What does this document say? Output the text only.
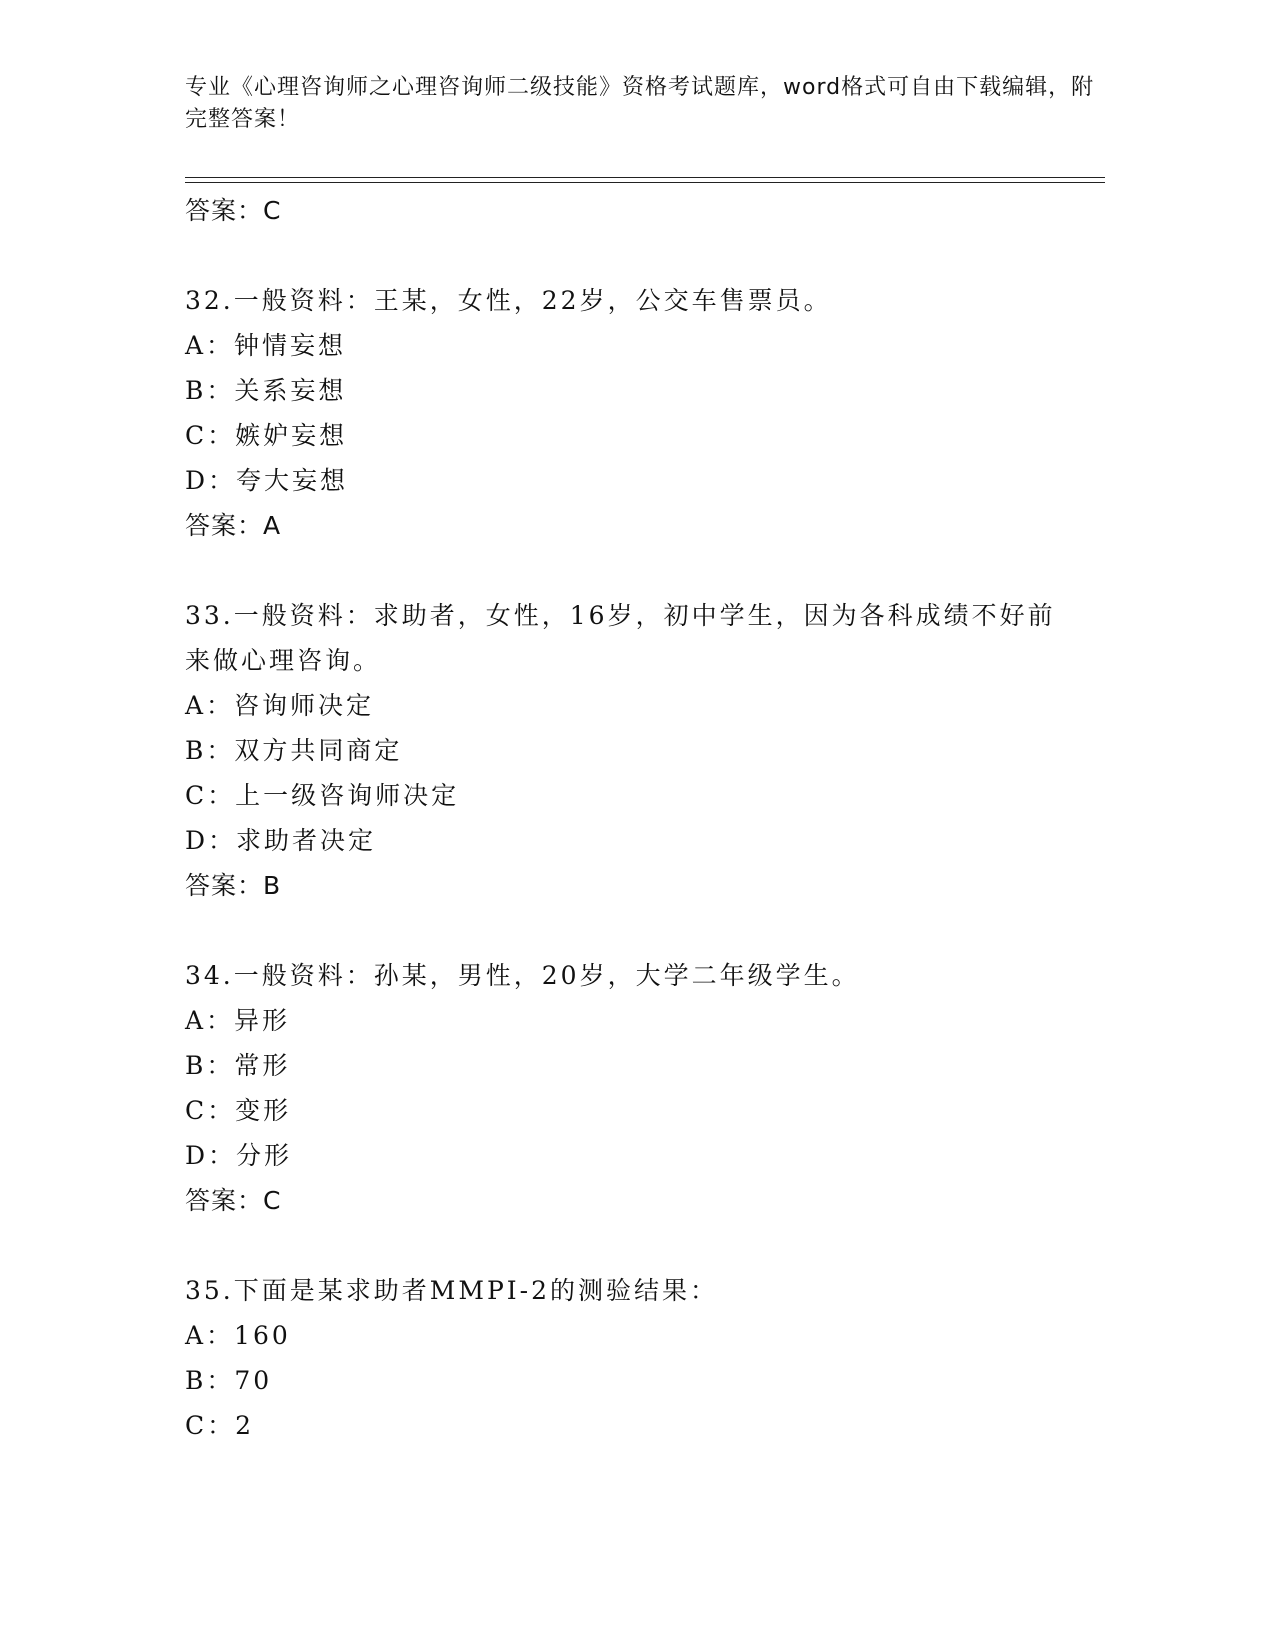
专业《心理咨询师之心理咨询师二级技能》资格考试题库，word格式可自由下载编辑，附完整答案！

答案：C

32.一般资料：王某，女性，22岁，公交车售票员。

A：钟情妄想

B：关系妄想

C：嫉妒妄想

D：夸大妄想

答案：A

33.一般资料：求助者，女性，16岁，初中学生，因为各科成绩不好前来做心理咨询。

A：咨询师决定

B：双方共同商定

C：上一级咨询师决定

D：求助者决定

答案：B

34.一般资料：孙某，男性，20岁，大学二年级学生。

A：异形

B：常形

C：变形

D：分形

答案：C

35.下面是某求助者MMPI-2的测验结果：

A：160

B：70

C：2
